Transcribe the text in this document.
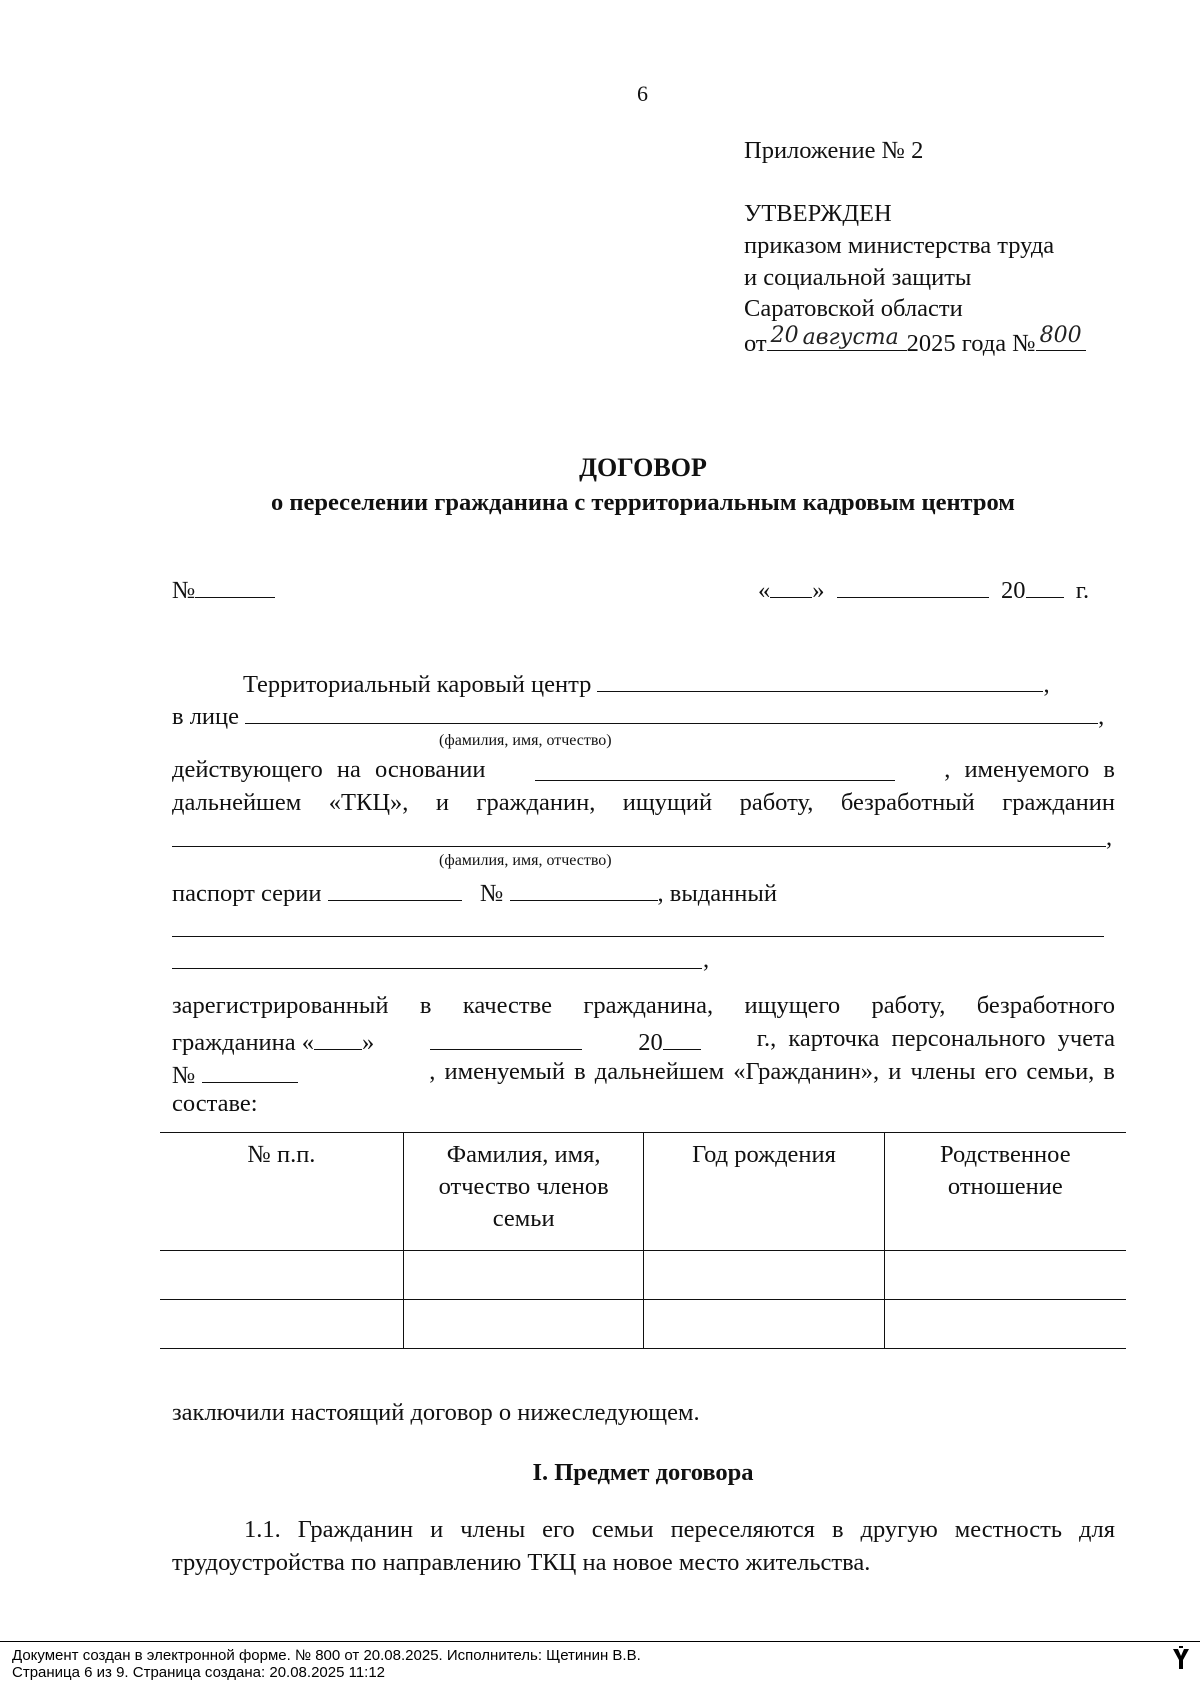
6
Приложение № 2
УТВЕРЖДЕН
приказом министерства труда
и социальной защиты
Саратовской области
от 20 августа 2025 года № 800
ДОГОВОР
о переселении гражданина с территориальным кадровым центром
№	« »	20 г.
Территориальный каровый центр	,
в лице	,
(фамилия, имя, отчество)
действующего на основании	, именуемого в
дальнейшем «ТКЦ», и гражданин, ищущий работу, безработный гражданин
,
(фамилия, имя, отчество)
паспорт серии	№	, выданный
,
зарегистрированный в качестве гражданина, ищущего работу, безработного
гражданина « »	20	г., карточка персонального учета
№	, именуемый в дальнейшем «Гражданин», и члены его семьи, в
составе:
№ п.п.	Фамилия, имя, отчество членов семьи	Год рождения	Родственное отношение

заключили настоящий договор о нижеследующем.
I. Предмет договора
1.1. Гражданин и члены его семьи переселяются в другую местность для трудоустройства по направлению ТКЦ на новое место жительства.
Документ создан в электронной форме. № 800 от 20.08.2025. Исполнитель: Щетинин В.В.
Страница 6 из 9. Страница создана: 20.08.2025 11:12
